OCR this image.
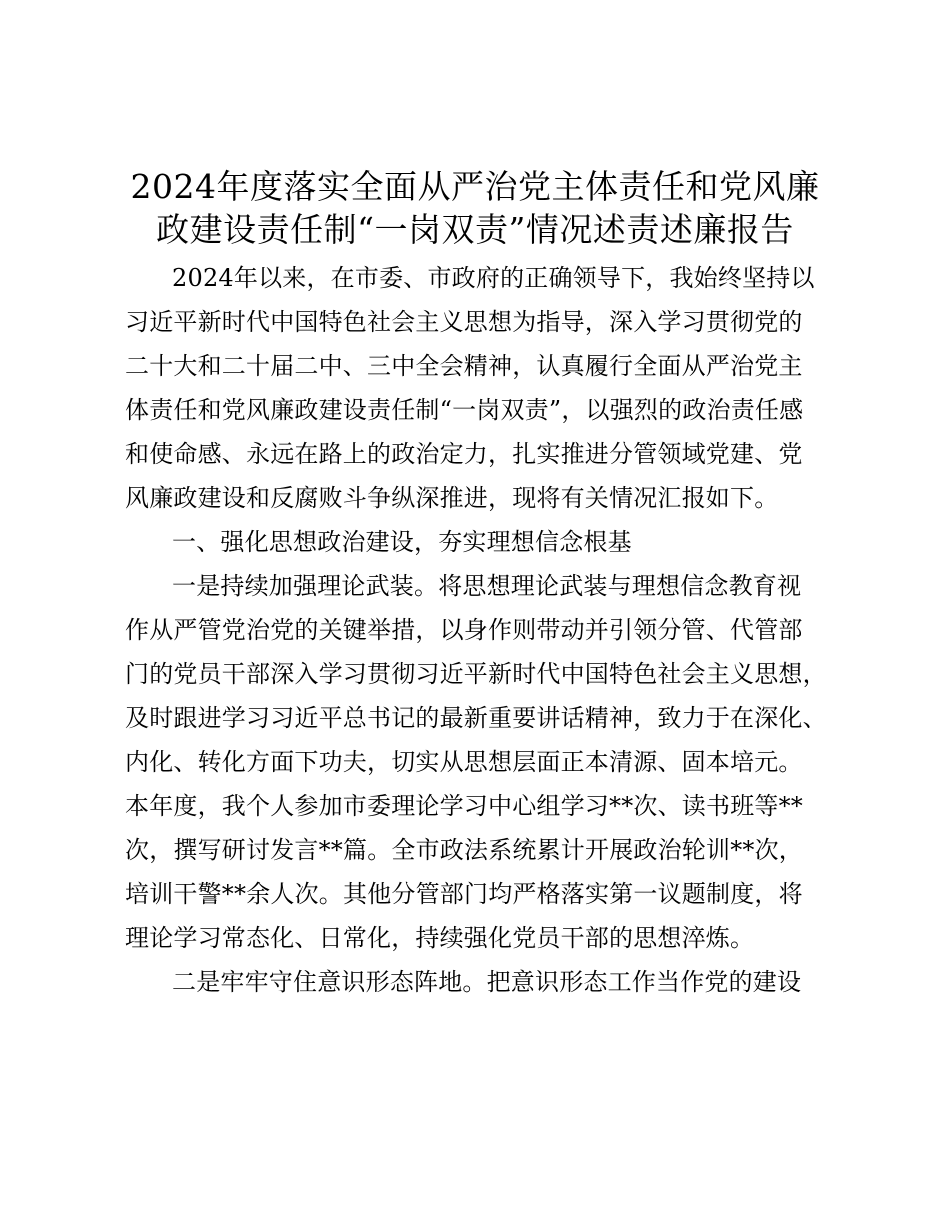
2024年度落实全面从严治党主体责任和党风廉
政建设责任制“一岗双责”情况述责述廉报告
2024年以来，在市委、市政府的正确领导下，我始终坚持以
习近平新时代中国特色社会主义思想为指导，深入学习贯彻党的
二十大和二十届二中、三中全会精神，认真履行全面从严治党主
体责任和党风廉政建设责任制“一岗双责”，以强烈的政治责任感
和使命感、永远在路上的政治定力，扎实推进分管领域党建、党
风廉政建设和反腐败斗争纵深推进，现将有关情况汇报如下。
一、强化思想政治建设，夯实理想信念根基
一是持续加强理论武装。将思想理论武装与理想信念教育视
作从严管党治党的关键举措，以身作则带动并引领分管、代管部
门的党员干部深入学习贯彻习近平新时代中国特色社会主义思想，
及时跟进学习习近平总书记的最新重要讲话精神，致力于在深化、
内化、转化方面下功夫，切实从思想层面正本清源、固本培元。
本年度，我个人参加市委理论学习中心组学习**次、读书班等**
次，撰写研讨发言**篇。全市政法系统累计开展政治轮训**次，
培训干警**余人次。其他分管部门均严格落实第一议题制度，将
理论学习常态化、日常化，持续强化党员干部的思想淬炼。
二是牢牢守住意识形态阵地。把意识形态工作当作党的建设
